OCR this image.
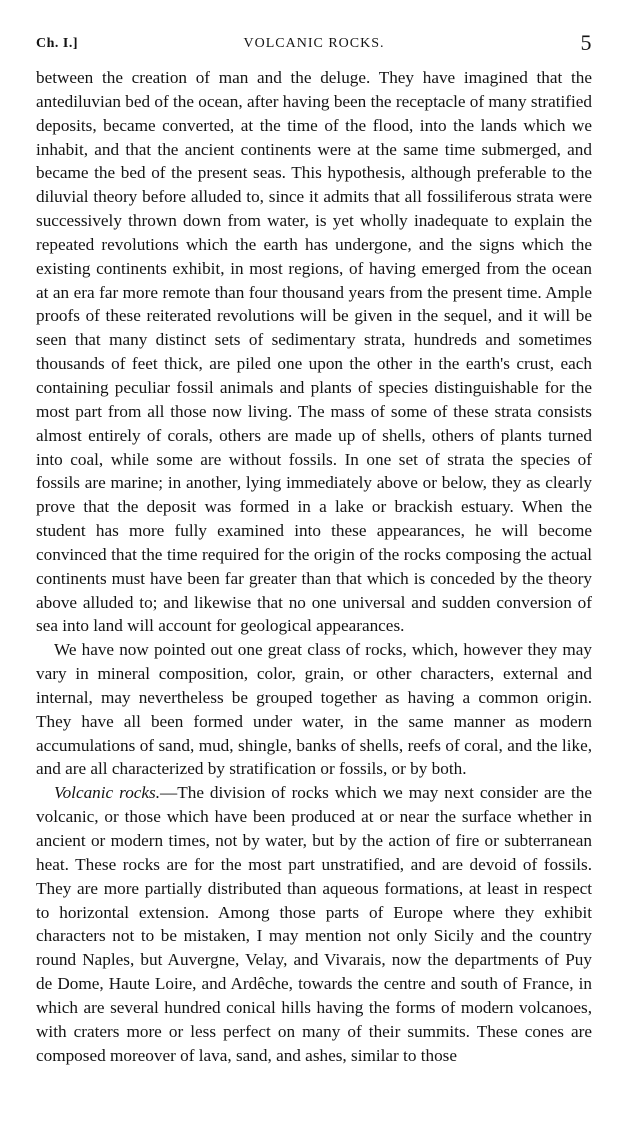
Ch. I.]	VOLCANIC ROCKS.	5

between the creation of man and the deluge. They have imagined that the antediluvian bed of the ocean, after having been the receptacle of many stratified deposits, became converted, at the time of the flood, into the lands which we inhabit, and that the ancient continents were at the same time submerged, and became the bed of the present seas. This hypothesis, although preferable to the diluvial theory before alluded to, since it admits that all fossiliferous strata were successively thrown down from water, is yet wholly inadequate to explain the repeated revolutions which the earth has undergone, and the signs which the existing continents exhibit, in most regions, of having emerged from the ocean at an era far more remote than four thousand years from the present time. Ample proofs of these reiterated revolutions will be given in the sequel, and it will be seen that many distinct sets of sedimentary strata, hundreds and sometimes thousands of feet thick, are piled one upon the other in the earth's crust, each containing peculiar fossil animals and plants of species distinguishable for the most part from all those now living. The mass of some of these strata consists almost entirely of corals, others are made up of shells, others of plants turned into coal, while some are without fossils. In one set of strata the species of fossils are marine; in another, lying immediately above or below, they as clearly prove that the deposit was formed in a lake or brackish estuary. When the student has more fully examined into these appearances, he will become convinced that the time required for the origin of the rocks composing the actual continents must have been far greater than that which is conceded by the theory above alluded to; and likewise that no one universal and sudden conversion of sea into land will account for geological appearances.

We have now pointed out one great class of rocks, which, however they may vary in mineral composition, color, grain, or other characters, external and internal, may nevertheless be grouped together as having a common origin. They have all been formed under water, in the same manner as modern accumulations of sand, mud, shingle, banks of shells, reefs of coral, and the like, and are all characterized by stratification or fossils, or by both.

Volcanic rocks.—The division of rocks which we may next consider are the volcanic, or those which have been produced at or near the surface whether in ancient or modern times, not by water, but by the action of fire or subterranean heat. These rocks are for the most part unstratified, and are devoid of fossils. They are more partially distributed than aqueous formations, at least in respect to horizontal extension. Among those parts of Europe where they exhibit characters not to be mistaken, I may mention not only Sicily and the country round Naples, but Auvergne, Velay, and Vivarais, now the departments of Puy de Dome, Haute Loire, and Ardêche, towards the centre and south of France, in which are several hundred conical hills having the forms of modern volcanoes, with craters more or less perfect on many of their summits. These cones are composed moreover of lava, sand, and ashes, similar to those
